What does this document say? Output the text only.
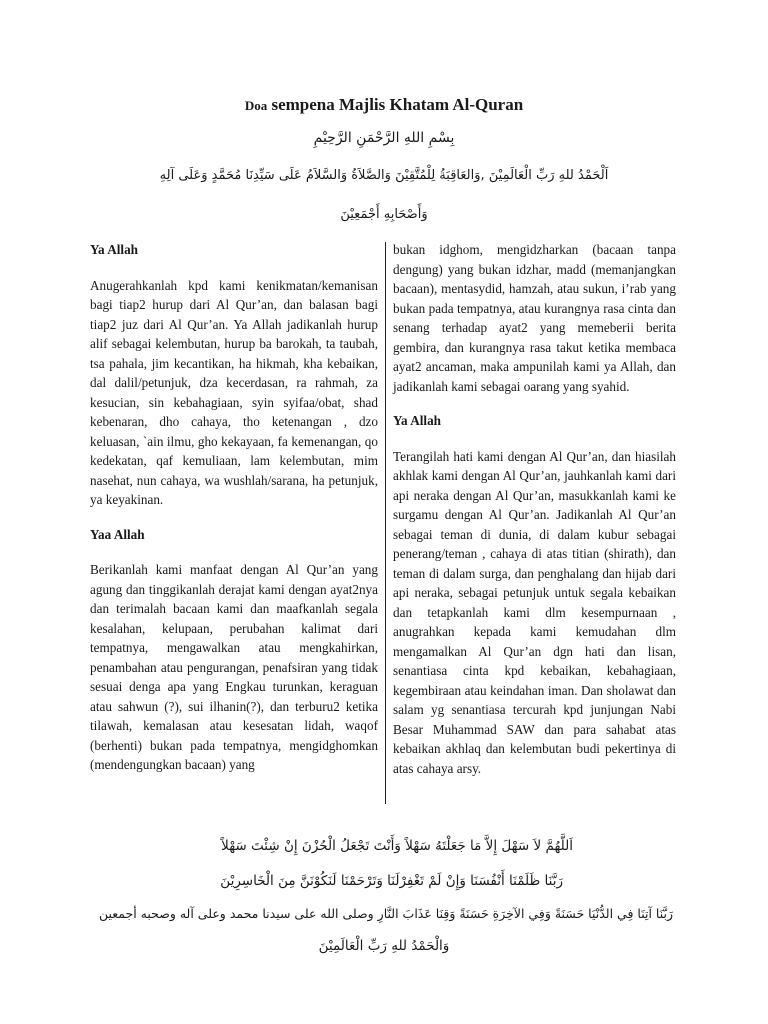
Doa sempena Majlis Khatam Al-Quran
بِسْمِ اللهِ الرَّحْمَنِ الرَّحِيْمِ
اَلْحَمْدُ للهِ رَبِّ الْعَالَمِيْنَ ,وَالعَاقِبَةُ لِلْمُتَّقِيْنَ وَالصَّلاَةُ وَالسَّلاَمُ عَلَى سَيِّدِنَا مُحَمَّدٍ وَعَلَى آلِهِ
وَأَصْحَابِهِ أَجْمَعِيْنَ

Ya Allah

Anugerahkanlah kpd kami kenikmatan/kemanisan bagi tiap2 hurup dari Al Qur’an, dan balasan bagi tiap2 juz dari Al Qur’an. Ya Allah jadikanlah hurup alif sebagai kelembutan, hurup ba barokah, ta taubah, tsa pahala, jim kecantikan, ha hikmah, kha kebaikan, dal dalil/petunjuk, dza kecerdasan, ra rahmah, za kesucian, sin kebahagiaan, syin syifaa/obat, shad kebenaran, dho cahaya, tho ketenangan , dzo keluasan, `ain ilmu, gho kekayaan, fa kemenangan, qo kedekatan, qaf kemuliaan, lam kelembutan, mim nasehat, nun cahaya, wa wushlah/sarana, ha petunjuk, ya keyakinan.

Yaa Allah

Berikanlah kami manfaat dengan Al Qur’an yang agung dan tinggikanlah derajat kami dengan ayat2nya dan terimalah bacaan kami dan maafkanlah segala kesalahan, kelupaan, perubahan kalimat dari tempatnya, mengawalkan atau mengkahirkan, penambahan atau pengurangan, penafsiran yang tidak sesuai denga apa yang Engkau turunkan, keraguan atau sahwun (?), sui ilhanin(?), dan terburu2 ketika tilawah, kemalasan atau kesesatan lidah, waqof (berhenti) bukan pada tempatnya, mengidghomkan (mendengungkan bacaan) yang

bukan idghom, mengidzharkan (bacaan tanpa dengung) yang bukan idzhar, madd (memanjangkan bacaan), mentasydid, hamzah, atau sukun, i’rab yang bukan pada tempatnya, atau kurangnya rasa cinta dan senang terhadap ayat2 yang memeberii berita gembira, dan kurangnya rasa takut ketika membaca ayat2 ancaman, maka ampunilah kami ya Allah, dan jadikanlah kami sebagai oarang yang syahid.

Ya Allah

Terangilah hati kami dengan Al Qur’an, dan hiasilah akhlak kami dengan Al Qur’an, jauhkanlah kami dari api neraka dengan Al Qur’an, masukkanlah kami ke surgamu dengan Al Qur’an. Jadikanlah Al Qur’an sebagai teman di dunia, di dalam kubur sebagai penerang/teman , cahaya di atas titian (shirath), dan teman di dalam surga, dan penghalang dan hijab dari api neraka, sebagai petunjuk untuk segala kebaikan dan tetapkanlah kami dlm kesempurnaan , anugrahkan kepada kami kemudahan dlm mengamalkan Al Qur’an dgn hati dan lisan, senantiasa cinta kpd kebaikan, kebahagiaan, kegembiraan atau keindahan iman. Dan sholawat dan salam yg senantiasa tercurah kpd junjungan Nabi Besar Muhammad SAW dan para sahabat atas kebaikan akhlaq dan kelembutan budi pekertinya di atas cahaya arsy.

اَللَّهُمَّ لاَ سَهْلَ إِلاَّ مَا جَعَلْتَهُ سَهْلاً وَأَنْتَ تَجْعَلُ الْحُزْنَ إِنْ شِئْتَ سَهْلاً
رَبَّنَا ظَلَمْنَا أَنْفُسَنَا وَإِنْ لَمْ تَغْفِرْلَنَا وَتَرْحَمْنَا لَنَكُوْنَنَّ مِنَ الْخَاسِرِيْنَ
رَبَّنَا آتِنَا فِي الدُّنْيَا حَسَنَةً وَفِي الآخِرَةِ حَسَنَةً وَقِنَا عَذَابَ النَّارِ وصلى الله على سيدنا محمد وعلى آله وصحبه أجمعين
وَالْحَمْدُ للهِ رَبِّ الْعَالَمِيْنَ
